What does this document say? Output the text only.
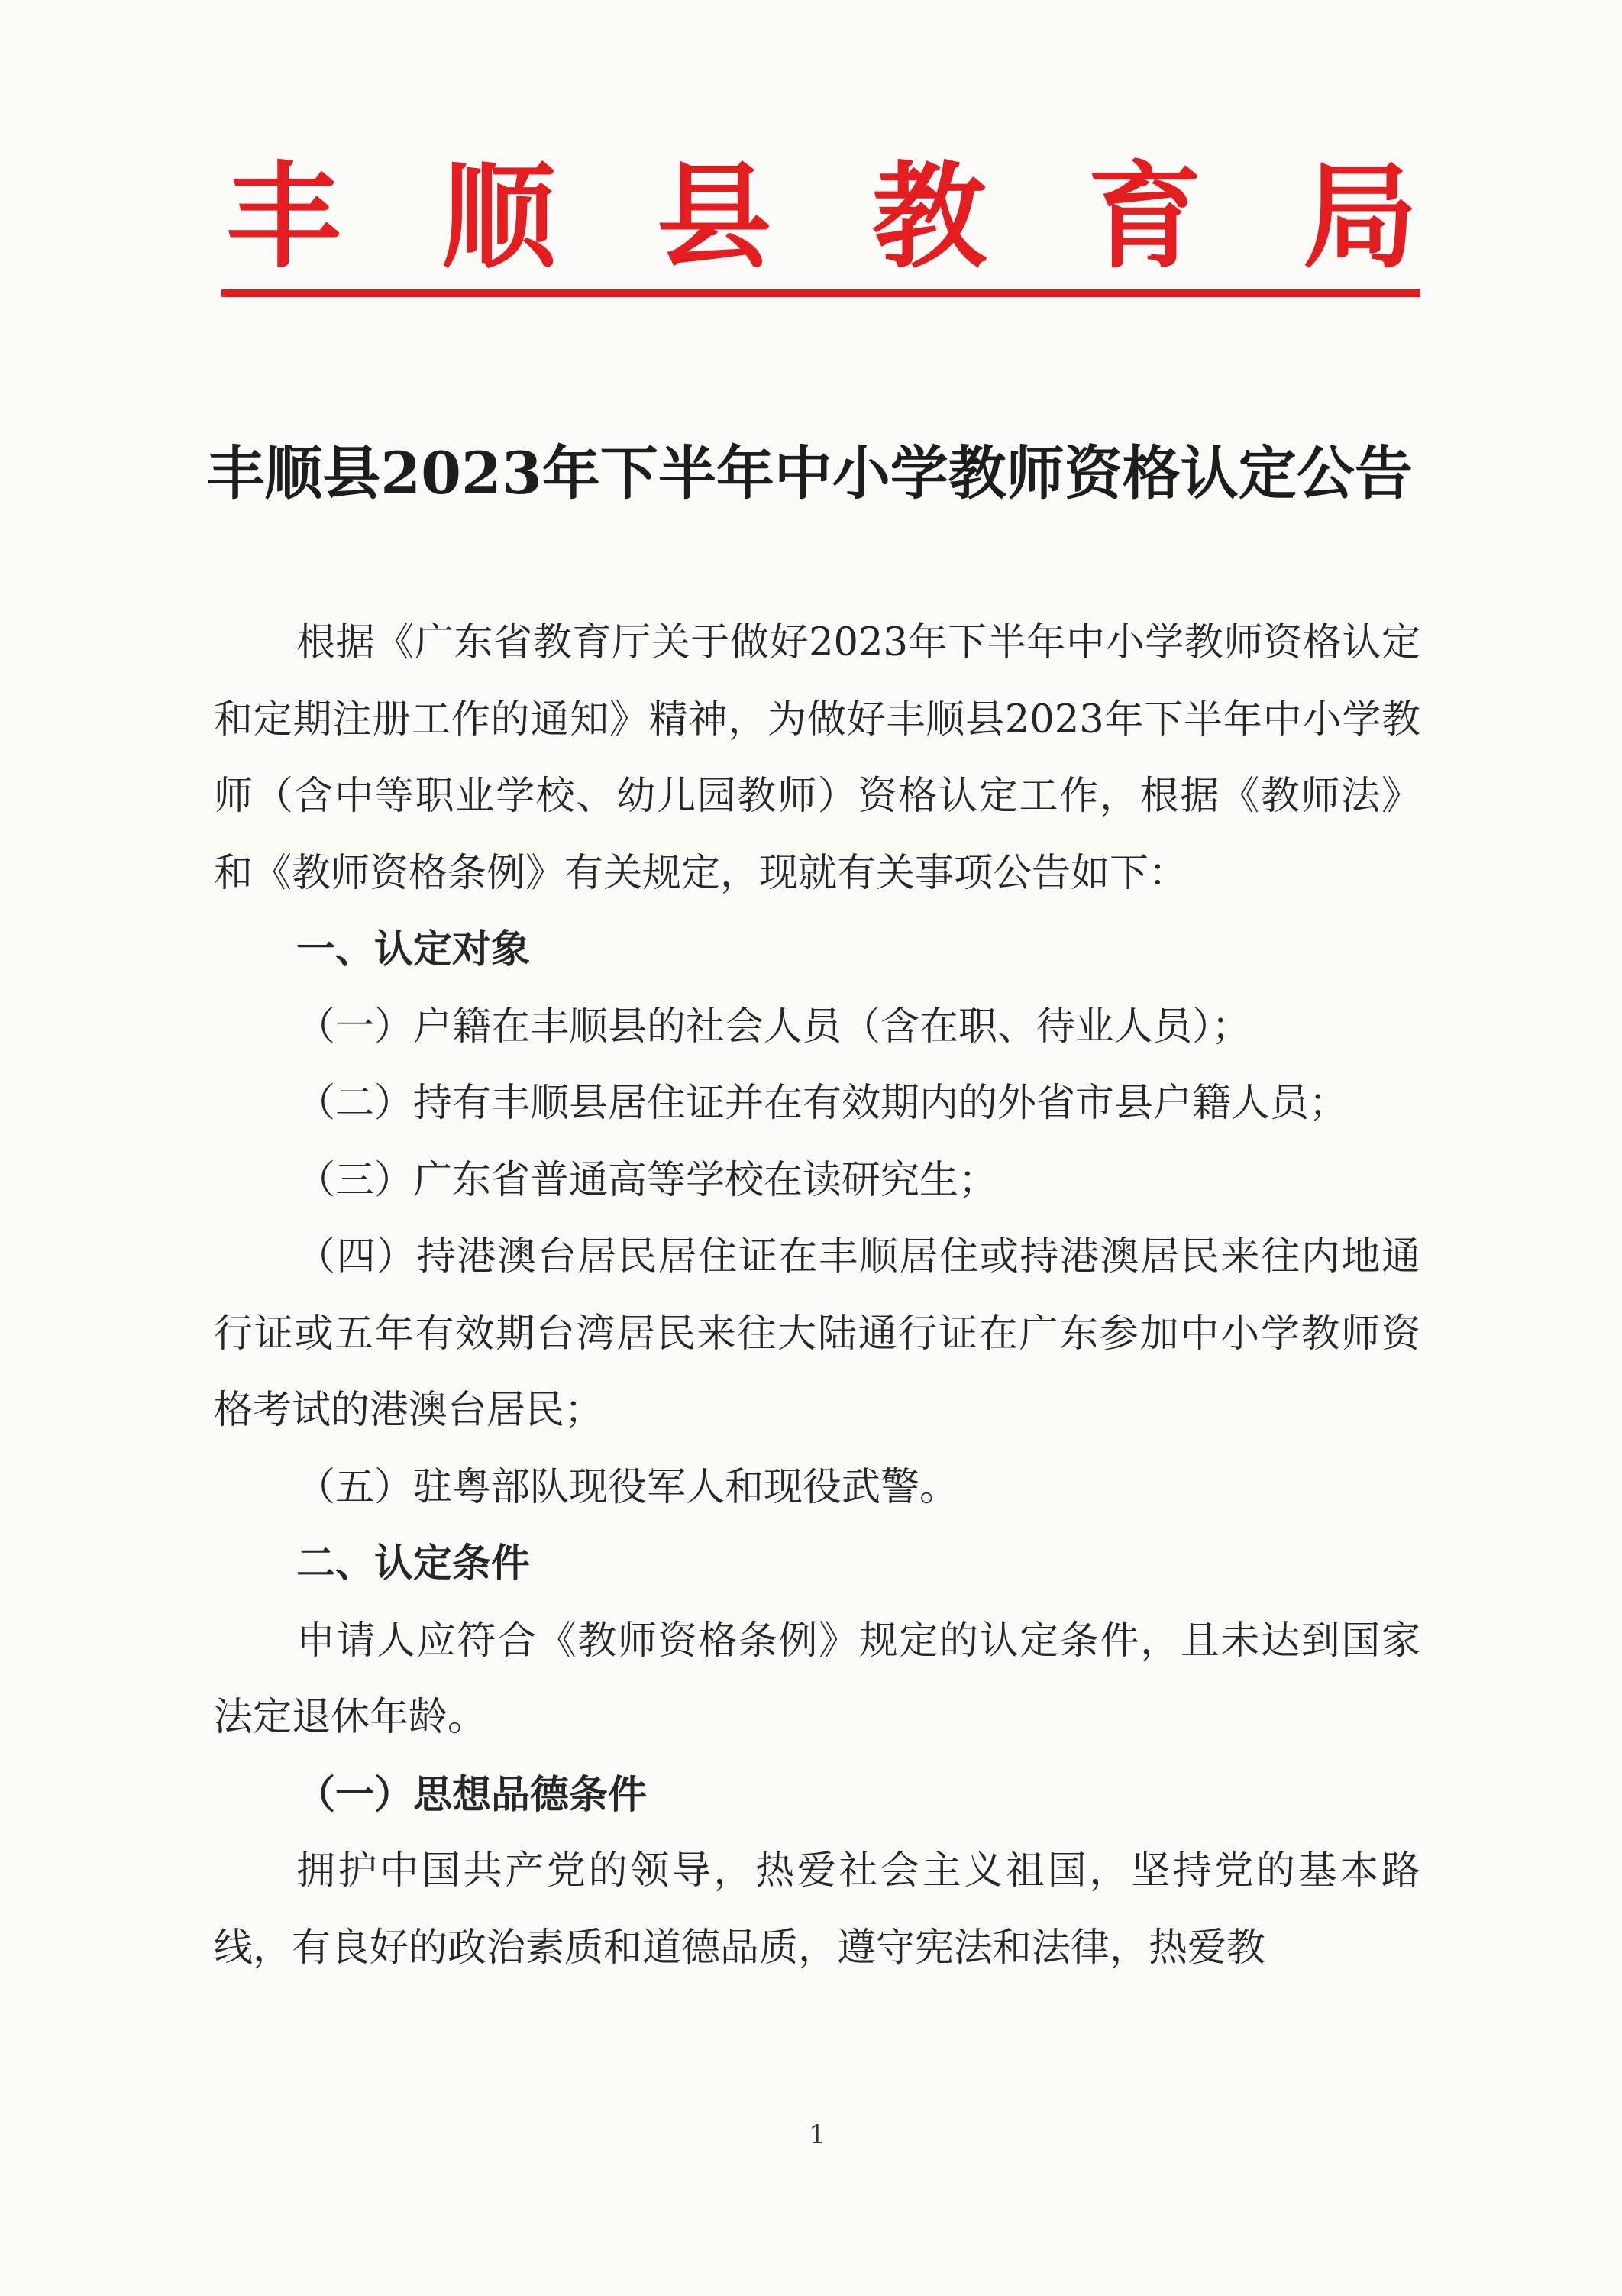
丰 顺 县 教 育 局
丰顺县2023年下半年中小学教师资格认定公告

根据《广东省教育厅关于做好2023年下半年中小学教师资格认定和定期注册工作的通知》精神，为做好丰顺县2023年下半年中小学教师（含中等职业学校、幼儿园教师）资格认定工作，根据《教师法》和《教师资格条例》有关规定，现就有关事项公告如下：

一、认定对象

（一）户籍在丰顺县的社会人员（含在职、待业人员）；

（二）持有丰顺县居住证并在有效期内的外省市县户籍人员；

（三）广东省普通高等学校在读研究生；

（四）持港澳台居民居住证在丰顺居住或持港澳居民来往内地通行证或五年有效期台湾居民来往大陆通行证在广东参加中小学教师资格考试的港澳台居民；

（五）驻粤部队现役军人和现役武警。

二、认定条件

申请人应符合《教师资格条例》规定的认定条件，且未达到国家法定退休年龄。

（一）思想品德条件

拥护中国共产党的领导，热爱社会主义祖国，坚持党的基本路线，有良好的政治素质和道德品质，遵守宪法和法律，热爱教

1
